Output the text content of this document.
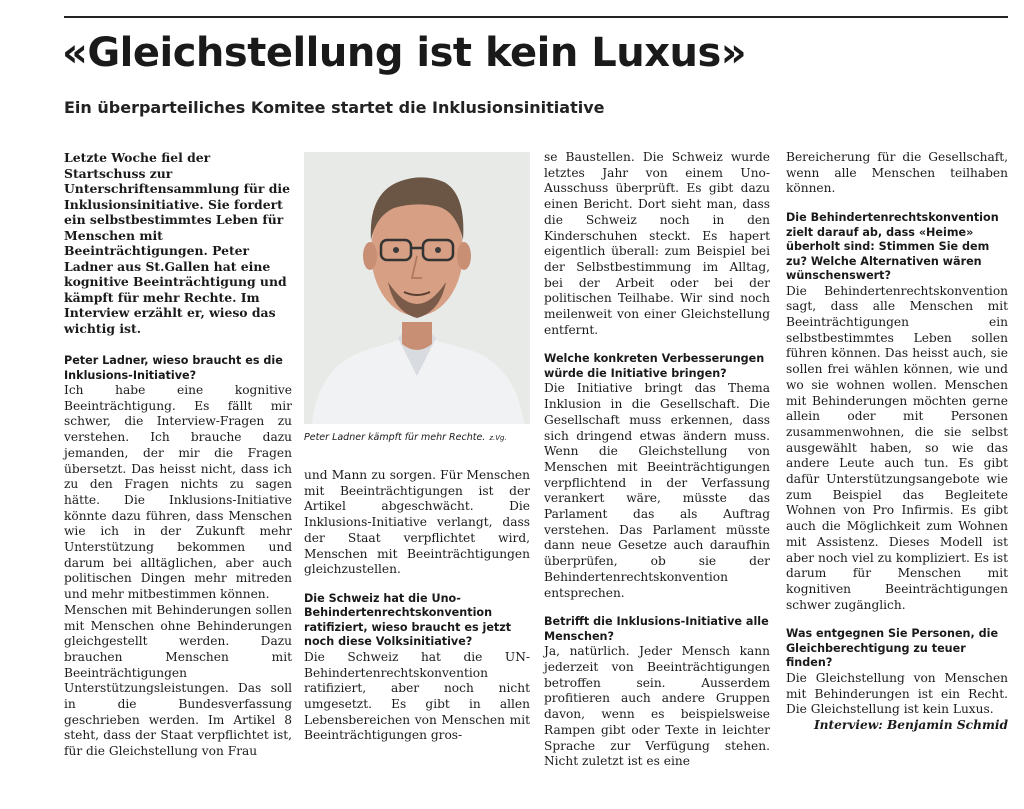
«Gleichstellung ist kein Luxus»
Ein überparteiliches Komitee startet die Inklusionsinitiative

Letzte Woche fiel der Startschuss zur Unterschriftensammlung für die Inklusionsinitiative. Sie fordert ein selbstbestimmtes Leben für Menschen mit Beeinträchtigungen. Peter Ladner aus St.Gallen hat eine kognitive Beeinträchtigung und kämpft für mehr Rechte. Im Interview erzählt er, wieso das wichtig ist.

Peter Ladner, wieso braucht es die Inklusions-Initiative?

Ich habe eine kognitive Beeinträchtigung. Es fällt mir schwer, die Interview-Fragen zu verstehen. Ich brauche dazu jemanden, der mir die Fragen übersetzt. Das heisst nicht, dass ich zu den Fragen nichts zu sagen hätte. Die Inklusions-Initiative könnte dazu führen, dass Menschen wie ich in der Zukunft mehr Unterstützung bekommen und darum bei alltäglichen, aber auch politischen Dingen mehr mitreden und mehr mitbestimmen können.

Menschen mit Behinderungen sollen mit Menschen ohne Behinderungen gleichgestellt werden. Dazu brauchen Menschen mit Beeinträchtigungen Unterstützungsleistungen. Das soll in die Bundesverfassung geschrieben werden. Im Artikel 8 steht, dass der Staat verpflichtet ist, für die Gleichstellung von Frau

Peter Ladner kämpft für mehr Rechte. z.Vg.

und Mann zu sorgen. Für Menschen mit Beeinträchtigungen ist der Artikel abgeschwächt. Die Inklusions-Initiative verlangt, dass der Staat verpflichtet wird, Menschen mit Beeinträchtigungen gleichzustellen.

Die Schweiz hat die Uno-Behindertenrechtskonvention ratifiziert, wieso braucht es jetzt noch diese Volksinitiative?

Die Schweiz hat die UN-Behindertenrechtskonvention ratifiziert, aber noch nicht umgesetzt. Es gibt in allen Lebensbereichen von Menschen mit Beeinträchtigungen gros-

se Baustellen. Die Schweiz wurde letztes Jahr von einem Uno-Ausschuss überprüft. Es gibt dazu einen Bericht. Dort sieht man, dass die Schweiz noch in den Kinderschuhen steckt. Es hapert eigentlich überall: zum Beispiel bei der Selbstbestimmung im Alltag, bei der Arbeit oder bei der politischen Teilhabe. Wir sind noch meilenweit von einer Gleichstellung entfernt.

Welche konkreten Verbesserungen würde die Initiative bringen?

Die Initiative bringt das Thema Inklusion in die Gesellschaft. Die Gesellschaft muss erkennen, dass sich dringend etwas ändern muss. Wenn die Gleichstellung von Menschen mit Beeinträchtigungen verpflichtend in der Verfassung verankert wäre, müsste das Parlament das als Auftrag verstehen. Das Parlament müsste dann neue Gesetze auch daraufhin überprüfen, ob sie der Behindertenrechtskonvention entsprechen.

Betrifft die Inklusions-Initiative alle Menschen?

Ja, natürlich. Jeder Mensch kann jederzeit von Beeinträchtigungen betroffen sein. Ausserdem profitieren auch andere Gruppen davon, wenn es beispielsweise Rampen gibt oder Texte in leichter Sprache zur Verfügung stehen. Nicht zuletzt ist es eine

Bereicherung für die Gesellschaft, wenn alle Menschen teilhaben können.

Die Behindertenrechtskonvention zielt darauf ab, dass «Heime» überholt sind: Stimmen Sie dem zu? Welche Alternativen wären wünschenswert?

Die Behindertenrechtskonvention sagt, dass alle Menschen mit Beeinträchtigungen ein selbstbestimmtes Leben sollen führen können. Das heisst auch, sie sollen frei wählen können, wie und wo sie wohnen wollen. Menschen mit Behinderungen möchten gerne allein oder mit Personen zusammenwohnen, die sie selbst ausgewählt haben, so wie das andere Leute auch tun. Es gibt dafür Unterstützungsangebote wie zum Beispiel das Begleitete Wohnen von Pro Infirmis. Es gibt auch die Möglichkeit zum Wohnen mit Assistenz. Dieses Modell ist aber noch viel zu kompliziert. Es ist darum für Menschen mit kognitiven Beeinträchtigungen schwer zugänglich.

Was entgegnen Sie Personen, die Gleichberechtigung zu teuer finden?

Die Gleichstellung von Menschen mit Behinderungen ist ein Recht. Die Gleichstellung ist kein Luxus.

Interview: Benjamin Schmid
